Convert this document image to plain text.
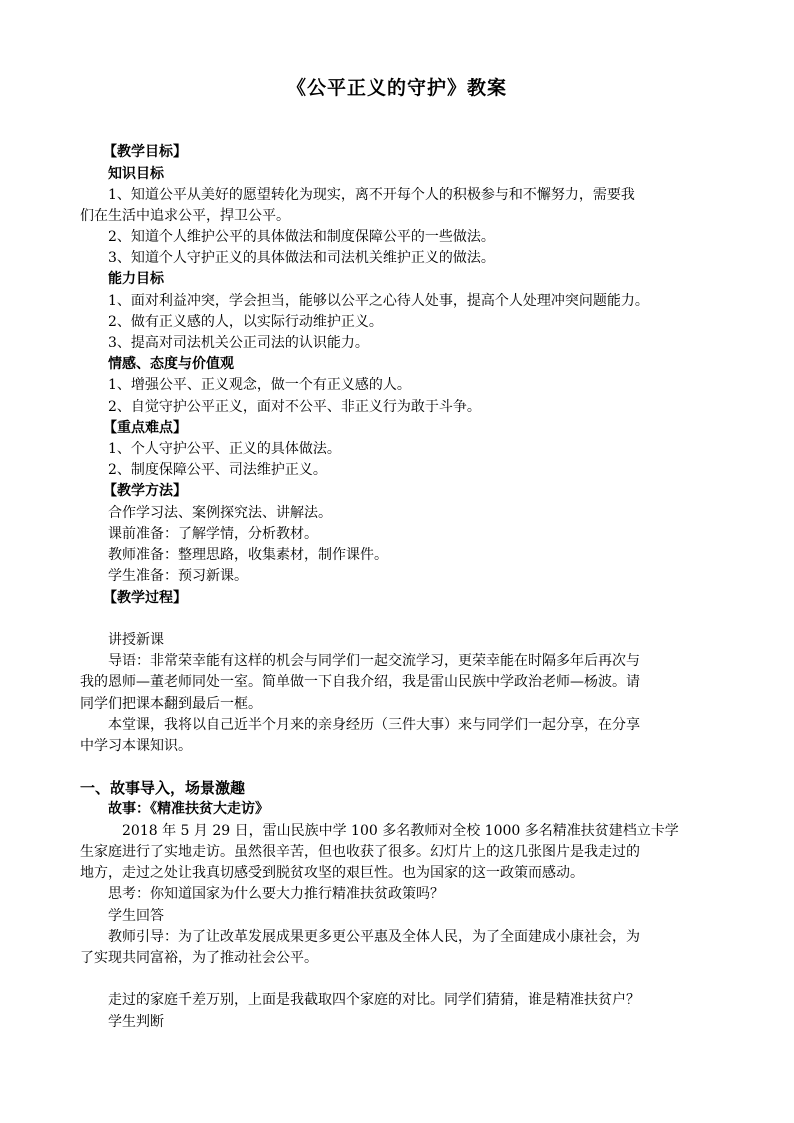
《公平正义的守护》教案

【教学目标】

知识目标

1、知道公平从美好的愿望转化为现实，离不开每个人的积极参与和不懈努力，需要我

们在生活中追求公平，捍卫公平。

2、知道个人维护公平的具体做法和制度保障公平的一些做法。

3、知道个人守护正义的具体做法和司法机关维护正义的做法。

能力目标

1、面对利益冲突，学会担当，能够以公平之心待人处事，提高个人处理冲突问题能力。

2、做有正义感的人，以实际行动维护正义。

3、提高对司法机关公正司法的认识能力。

情感、态度与价值观

1、增强公平、正义观念，做一个有正义感的人。

2、自觉守护公平正义，面对不公平、非正义行为敢于斗争。

【重点难点】

1、个人守护公平、正义的具体做法。

2、制度保障公平、司法维护正义。

【教学方法】

合作学习法、案例探究法、讲解法。

课前准备：了解学情，分析教材。

教师准备：整理思路，收集素材，制作课件。

学生准备：预习新课。

【教学过程】

讲授新课

导语：非常荣幸能有这样的机会与同学们一起交流学习，更荣幸能在时隔多年后再次与

我的恩师—董老师同处一室。简单做一下自我介绍，我是雷山民族中学政治老师—杨波。请

同学们把课本翻到最后一框。

本堂课，我将以自己近半个月来的亲身经历（三件大事）来与同学们一起分享，在分享

中学习本课知识。

一、故事导入，场景激趣

故事：《精准扶贫大走访》

2018 年 5 月 29 日，雷山民族中学 100 多名教师对全校 1000 多名精准扶贫建档立卡学

生家庭进行了实地走访。虽然很辛苦，但也收获了很多。幻灯片上的这几张图片是我走过的

地方，走过之处让我真切感受到脱贫攻坚的艰巨性。也为国家的这一政策而感动。

思考：你知道国家为什么要大力推行精准扶贫政策吗？

学生回答

教师引导：为了让改革发展成果更多更公平惠及全体人民，为了全面建成小康社会，为

了实现共同富裕，为了推动社会公平。

走过的家庭千差万别，上面是我截取四个家庭的对比。同学们猜猜，谁是精准扶贫户？

学生判断
